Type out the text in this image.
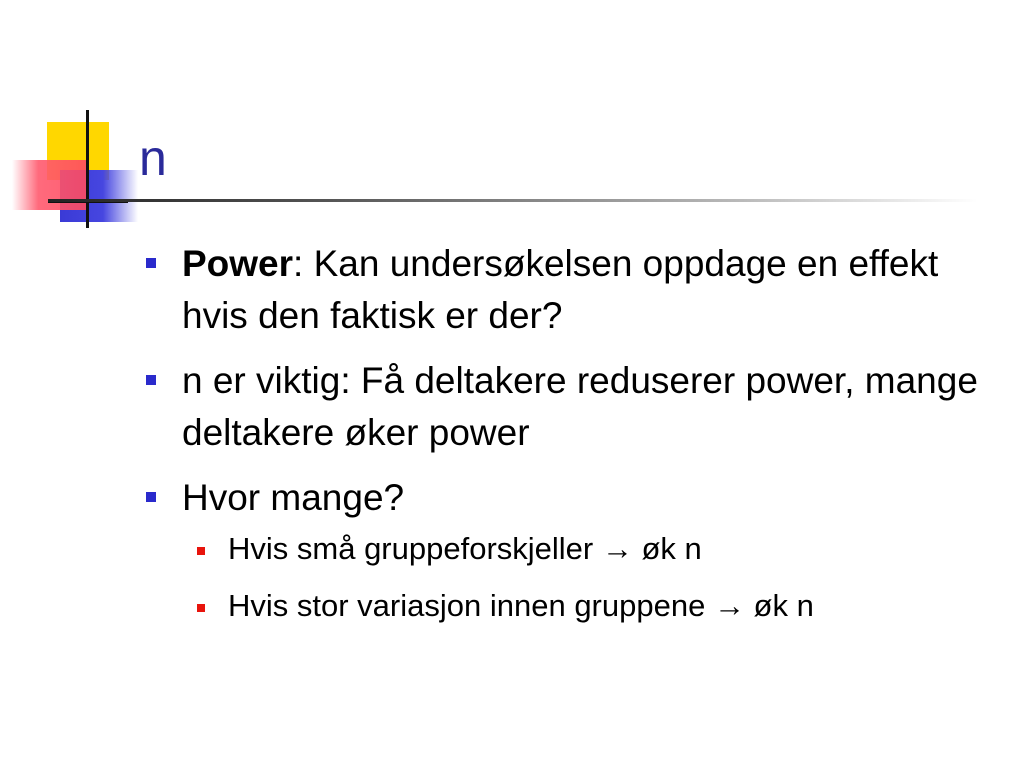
n
Power: Kan undersøkelsen oppdage en effekt hvis den faktisk er der?
n er viktig: Få deltakere reduserer power, mange deltakere øker power
Hvor mange?
Hvis små gruppeforskjeller → øk n
Hvis stor variasjon innen gruppene → øk n
